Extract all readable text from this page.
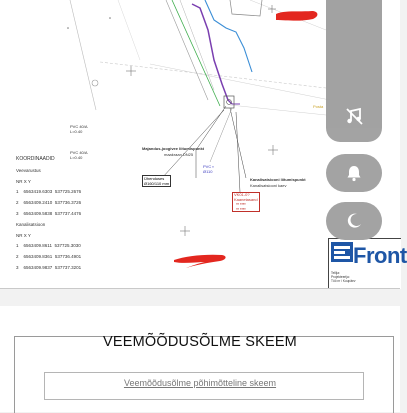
KOORDINAADID
Veevarustus
NR X Y
1 6563419.6303 537725.2676
2 6563409.2410 537736.3726
3 6563409.5838 537737.4476
Kanalisatsioon
NR X Y
1 6563409.8611 537725.3030
2 6563409.8361 537736.4901
3 6563409.9837 537737.3201
PVC 40/A
L=0.40
PVC 40/A
L=0.40
Majandus-joogivee liitumispunkt
maakraan DN25
Ühenduses
Ø160/110 mm
Kanalisatsiooni liitumispunkt
Kanalisatsiooni kaev
PVC ▪
Ø110
VK01-0?
Kaanetasand
▪▪ ▪▪▪▪
▪▪ ▪▪▪▪
Posta
Front
Tellija:
Projekteerija:
Töö nr / Kuupäev
VEEMÕÕDUSÕLME SKEEM
Veemõõdusõlme põhimõtteline skeem
